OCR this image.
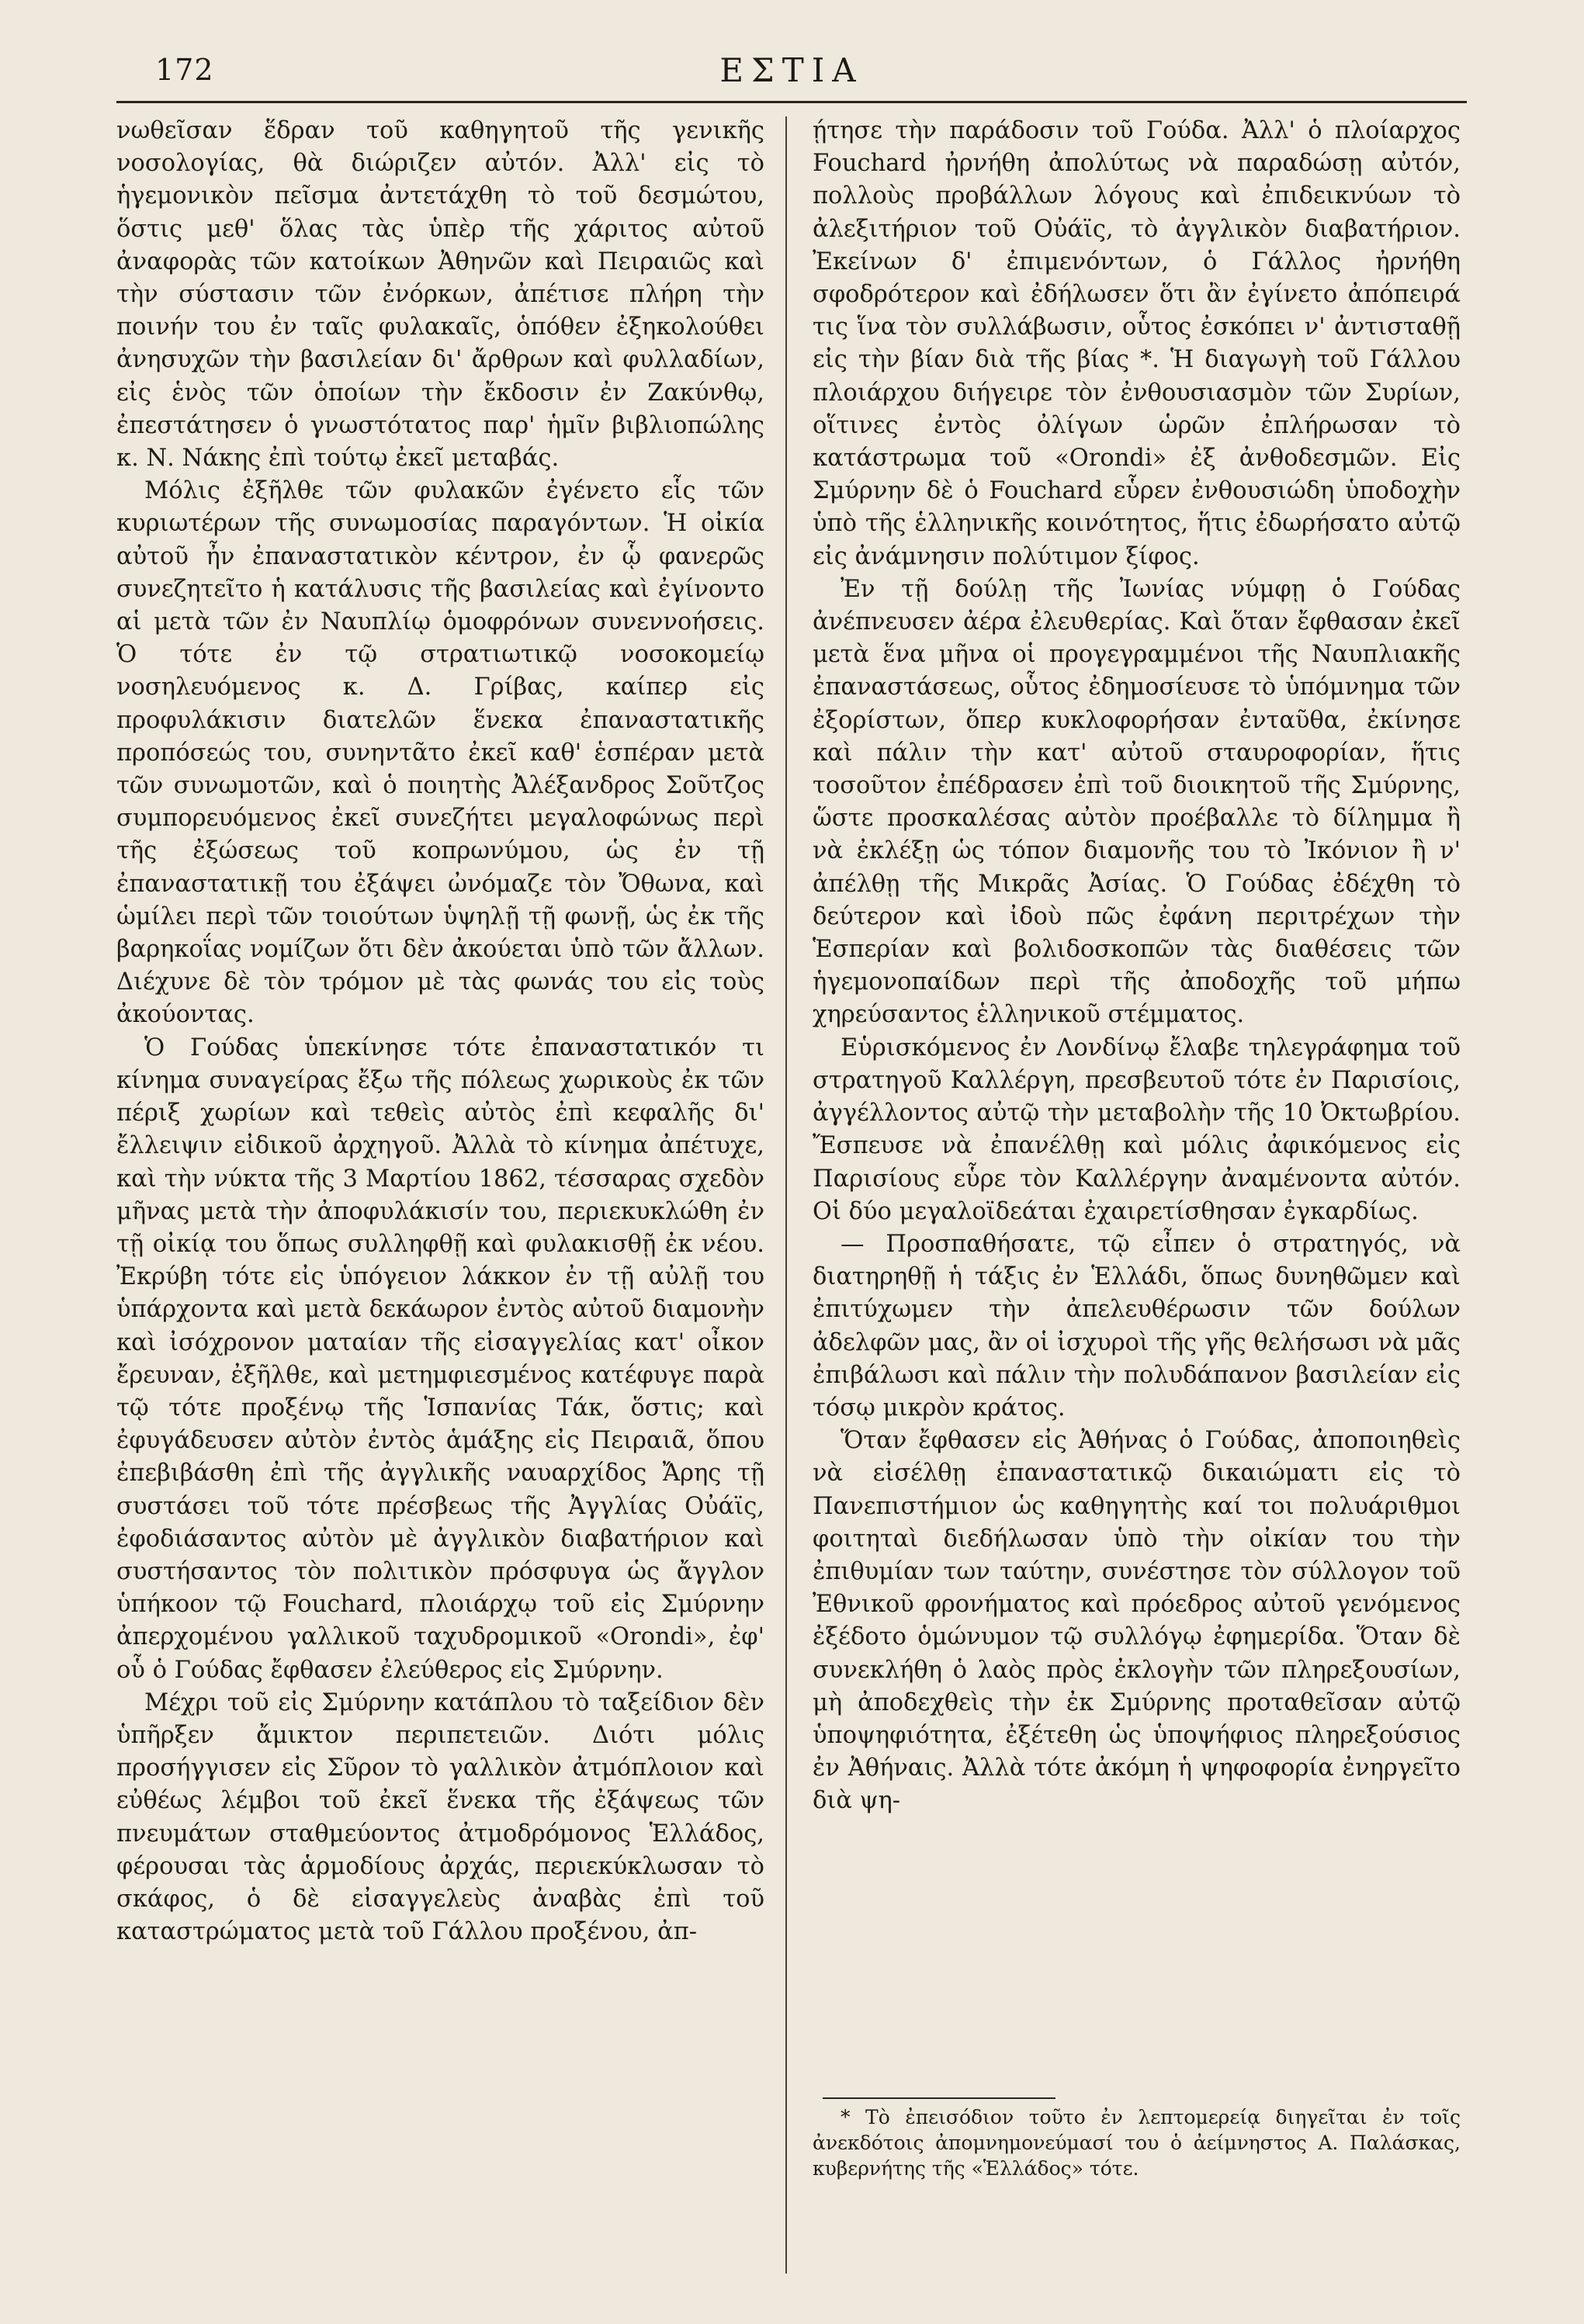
172	ΕΣΤΙΑ

νωθεῖσαν ἕδραν τοῦ καθηγητοῦ τῆς γενικῆς νοσολογίας, θὰ διώριζεν αὐτόν. Ἀλλ' εἰς τὸ ἡγεμονικὸν πεῖσμα ἀντετάχθη τὸ τοῦ δεσμώτου, ὅστις μεθ' ὅλας τὰς ὑπὲρ τῆς χάριτος αὐτοῦ ἀναφορὰς τῶν κατοίκων Ἀθηνῶν καὶ Πειραιῶς καὶ τὴν σύστασιν τῶν ἐνόρκων, ἀπέτισε πλήρη τὴν ποινήν του ἐν ταῖς φυλακαῖς, ὁπόθεν ἐξηκολούθει ἀνησυχῶν τὴν βασιλείαν δι' ἄρθρων καὶ φυλλαδίων, εἰς ἑνὸς τῶν ὁποίων τὴν ἔκδοσιν ἐν Ζακύνθῳ, ἐπεστάτησεν ὁ γνωστότατος παρ' ἡμῖν βιβλιοπώλης κ. Ν. Νάκης ἐπὶ τούτῳ ἐκεῖ μεταβάς.

Μόλις ἐξῆλθε τῶν φυλακῶν ἐγένετο εἷς τῶν κυριωτέρων τῆς συνωμοσίας παραγόντων. Ἡ οἰκία αὐτοῦ ἦν ἐπαναστατικὸν κέντρον, ἐν ᾧ φανερῶς συνεζητεῖτο ἡ κατάλυσις τῆς βασιλείας καὶ ἐγίνοντο αἱ μετὰ τῶν ἐν Ναυπλίῳ ὁμοφρόνων συνεννοήσεις. Ὁ τότε ἐν τῷ στρατιωτικῷ νοσοκομείῳ νοσηλευόμενος κ. Δ. Γρίβας, καίπερ εἰς προφυλάκισιν διατελῶν ἕνεκα ἐπαναστατικῆς προπόσεώς του, συνηντᾶτο ἐκεῖ καθ' ἑσπέραν μετὰ τῶν συνωμοτῶν, καὶ ὁ ποιητὴς Ἀλέξανδρος Σοῦτζος συμπορευόμενος ἐκεῖ συνεζήτει μεγαλοφώνως περὶ τῆς ἐξώσεως τοῦ κοπρωνύμου, ὡς ἐν τῇ ἐπαναστατικῇ του ἐξάψει ὠνόμαζε τὸν Ὄθωνα, καὶ ὡμίλει περὶ τῶν τοιούτων ὑψηλῇ τῇ φωνῇ, ὡς ἐκ τῆς βαρηκοΐας νομίζων ὅτι δὲν ἀκούεται ὑπὸ τῶν ἄλλων. Διέχυνε δὲ τὸν τρόμον μὲ τὰς φωνάς του εἰς τοὺς ἀκούοντας.

Ὁ Γούδας ὑπεκίνησε τότε ἐπαναστατικόν τι κίνημα συναγείρας ἔξω τῆς πόλεως χωρικοὺς ἐκ τῶν πέριξ χωρίων καὶ τεθεὶς αὐτὸς ἐπὶ κεφαλῆς δι' ἔλλειψιν εἰδικοῦ ἀρχηγοῦ. Ἀλλὰ τὸ κίνημα ἀπέτυχε, καὶ τὴν νύκτα τῆς 3 Μαρτίου 1862, τέσσαρας σχεδὸν μῆνας μετὰ τὴν ἀποφυλάκισίν του, περιεκυκλώθη ἐν τῇ οἰκίᾳ του ὅπως συλληφθῇ καὶ φυλακισθῇ ἐκ νέου. Ἐκρύβη τότε εἰς ὑπόγειον λάκκον ἐν τῇ αὐλῇ του ὑπάρχοντα καὶ μετὰ δεκάωρον ἐντὸς αὐτοῦ διαμονὴν καὶ ἰσόχρονον ματαίαν τῆς εἰσαγγελίας κατ' οἶκον ἔρευναν, ἐξῆλθε, καὶ μετημφιεσμένος κατέφυγε παρὰ τῷ τότε προξένῳ τῆς Ἱσπανίας Τάκ, ὅστις; καὶ ἐφυγάδευσεν αὐτὸν ἐντὸς ἁμάξης εἰς Πειραιᾶ, ὅπου ἐπεβιβάσθη ἐπὶ τῆς ἀγγλικῆς ναυαρχίδος Ἄρης τῇ συστάσει τοῦ τότε πρέσβεως τῆς Ἀγγλίας Οὐάϊς, ἐφοδιάσαντος αὐτὸν μὲ ἀγγλικὸν διαβατήριον καὶ συστήσαντος τὸν πολιτικὸν πρόσφυγα ὡς ἄγγλον ὑπήκοον τῷ Fouchard, πλοιάρχῳ τοῦ εἰς Σμύρνην ἀπερχομένου γαλλικοῦ ταχυδρομικοῦ «Orondi», ἐφ' οὗ ὁ Γούδας ἔφθασεν ἐλεύθερος εἰς Σμύρνην.

Μέχρι τοῦ εἰς Σμύρνην κατάπλου τὸ ταξείδιον δὲν ὑπῆρξεν ἄμικτον περιπετειῶν. Διότι μόλις προσήγγισεν εἰς Σῦρον τὸ γαλλικὸν ἀτμόπλοιον καὶ εὐθέως λέμβοι τοῦ ἐκεῖ ἕνεκα τῆς ἐξάψεως τῶν πνευμάτων σταθμεύοντος ἀτμοδρόμονος Ἑλλάδος, φέρουσαι τὰς ἁρμοδίους ἀρχάς, περιεκύκλωσαν τὸ σκάφος, ὁ δὲ εἰσαγγελεὺς ἀναβὰς ἐπὶ τοῦ καταστρώματος μετὰ τοῦ Γάλλου προξένου, ἀπ-

ῄτησε τὴν παράδοσιν τοῦ Γούδα. Ἀλλ' ὁ πλοίαρχος Fouchard ἠρνήθη ἀπολύτως νὰ παραδώσῃ αὐτόν, πολλοὺς προβάλλων λόγους καὶ ἐπιδεικνύων τὸ ἀλεξιτήριον τοῦ Οὐάϊς, τὸ ἀγγλικὸν διαβατήριον. Ἐκείνων δ' ἐπιμενόντων, ὁ Γάλλος ἠρνήθη σφοδρότερον καὶ ἐδήλωσεν ὅτι ἂν ἐγίνετο ἀπόπειρά τις ἵνα τὸν συλλάβωσιν, οὗτος ἐσκόπει ν' ἀντισταθῇ εἰς τὴν βίαν διὰ τῆς βίας *. Ἡ διαγωγὴ τοῦ Γάλλου πλοιάρχου διήγειρε τὸν ἐνθουσιασμὸν τῶν Συρίων, οἵτινες ἐντὸς ὀλίγων ὡρῶν ἐπλήρωσαν τὸ κατάστρωμα τοῦ «Orondi» ἐξ ἀνθοδεσμῶν. Εἰς Σμύρνην δὲ ὁ Fouchard εὗρεν ἐνθουσιώδη ὑποδοχὴν ὑπὸ τῆς ἑλληνικῆς κοινότητος, ἥτις ἐδωρήσατο αὐτῷ εἰς ἀνάμνησιν πολύτιμον ξίφος.

Ἐν τῇ δούλῃ τῆς Ἰωνίας νύμφῃ ὁ Γούδας ἀνέπνευσεν ἀέρα ἐλευθερίας. Καὶ ὅταν ἔφθασαν ἐκεῖ μετὰ ἕνα μῆνα οἱ προγεγραμμένοι τῆς Ναυπλιακῆς ἐπαναστάσεως, οὗτος ἐδημοσίευσε τὸ ὑπόμνημα τῶν ἐξορίστων, ὅπερ κυκλοφορήσαν ἐνταῦθα, ἐκίνησε καὶ πάλιν τὴν κατ' αὐτοῦ σταυροφορίαν, ἥτις τοσοῦτον ἐπέδρασεν ἐπὶ τοῦ διοικητοῦ τῆς Σμύρνης, ὥστε προσκαλέσας αὐτὸν προέβαλλε τὸ δίλημμα ἢ νὰ ἐκλέξῃ ὡς τόπον διαμονῆς του τὸ Ἰκόνιον ἢ ν' ἀπέλθῃ τῆς Μικρᾶς Ἀσίας. Ὁ Γούδας ἐδέχθη τὸ δεύτερον καὶ ἰδοὺ πῶς ἐφάνη περιτρέχων τὴν Ἑσπερίαν καὶ βολιδοσκοπῶν τὰς διαθέσεις τῶν ἡγεμονοπαίδων περὶ τῆς ἀποδοχῆς τοῦ μήπω χηρεύσαντος ἑλληνικοῦ στέμματος.

Εὑρισκόμενος ἐν Λονδίνῳ ἔλαβε τηλεγράφημα τοῦ στρατηγοῦ Καλλέργη, πρεσβευτοῦ τότε ἐν Παρισίοις, ἀγγέλλοντος αὐτῷ τὴν μεταβολὴν τῆς 10 Ὀκτωβρίου. Ἔσπευσε νὰ ἐπανέλθῃ καὶ μόλις ἀφικόμενος εἰς Παρισίους εὗρε τὸν Καλλέργην ἀναμένοντα αὐτόν. Οἱ δύο μεγαλοϊδεάται ἐχαιρετίσθησαν ἐγκαρδίως.

— Προσπαθήσατε, τῷ εἶπεν ὁ στρατηγός, νὰ διατηρηθῇ ἡ τάξις ἐν Ἑλλάδι, ὅπως δυνηθῶμεν καὶ ἐπιτύχωμεν τὴν ἀπελευθέρωσιν τῶν δούλων ἀδελφῶν μας, ἂν οἱ ἰσχυροὶ τῆς γῆς θελήσωσι νὰ μᾶς ἐπιβάλωσι καὶ πάλιν τὴν πολυδάπανον βασιλείαν εἰς τόσῳ μικρὸν κράτος.

Ὅταν ἔφθασεν εἰς Ἀθήνας ὁ Γούδας, ἀποποιηθεὶς νὰ εἰσέλθῃ ἐπαναστατικῷ δικαιώματι εἰς τὸ Πανεπιστήμιον ὡς καθηγητὴς καί τοι πολυάριθμοι φοιτηταὶ διεδήλωσαν ὑπὸ τὴν οἰκίαν του τὴν ἐπιθυμίαν των ταύτην, συνέστησε τὸν σύλλογον τοῦ Ἐθνικοῦ φρονήματος καὶ πρόεδρος αὐτοῦ γενόμενος ἐξέδοτο ὁμώνυμον τῷ συλλόγῳ ἐφημερίδα. Ὅταν δὲ συνεκλήθη ὁ λαὸς πρὸς ἐκλογὴν τῶν πληρεξουσίων, μὴ ἀποδεχθεὶς τὴν ἐκ Σμύρνης προταθεῖσαν αὐτῷ ὑποψηφιότητα, ἐξέτεθη ὡς ὑποψήφιος πληρεξούσιος ἐν Ἀθήναις. Ἀλλὰ τότε ἀκόμη ἡ ψηφοφορία ἐνηργεῖτο διὰ ψη-

* Τὸ ἐπεισόδιον τοῦτο ἐν λεπτομερείᾳ διηγεῖται ἐν τοῖς ἀνεκδότοις ἀπομνημονεύμασί του ὁ ἀείμνηστος Α. Παλάσκας, κυβερνήτης τῆς «Ἑλλάδος» τότε.
